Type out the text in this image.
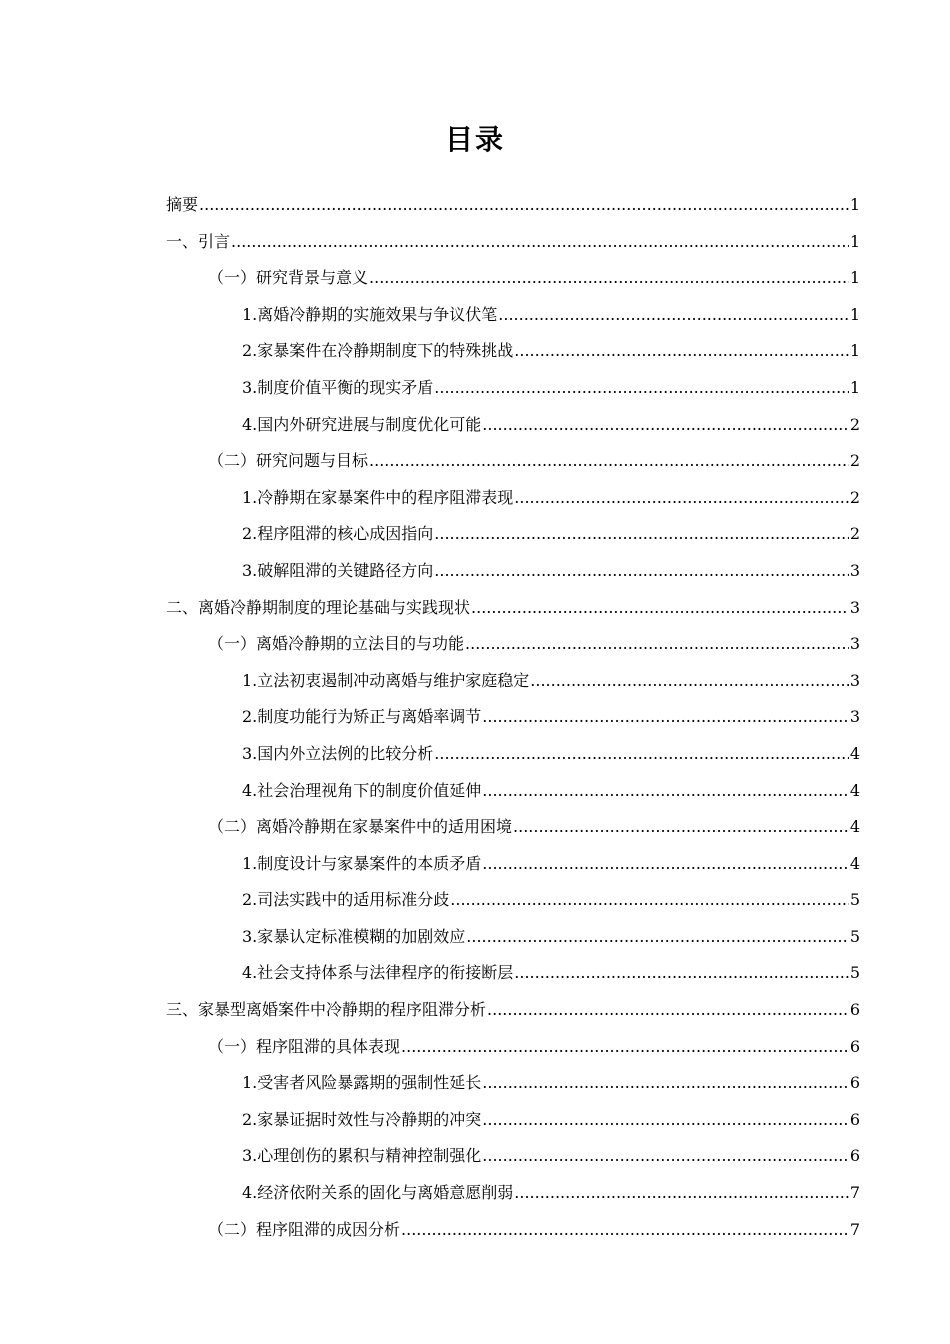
目录
摘要 .....	1
一、引言 .....	1
（一）研究背景与意义 .....	1
1.离婚冷静期的实施效果与争议伏笔 .....	1
2.家暴案件在冷静期制度下的特殊挑战 .....	1
3.制度价值平衡的现实矛盾 .....	1
4.国内外研究进展与制度优化可能 .....	2
（二）研究问题与目标 .....	2
1.冷静期在家暴案件中的程序阻滞表现 .....	2
2.程序阻滞的核心成因指向 .....	2
3.破解阻滞的关键路径方向 .....	3
二、离婚冷静期制度的理论基础与实践现状 .....	3
（一）离婚冷静期的立法目的与功能 .....	3
1.立法初衷遏制冲动离婚与维护家庭稳定 .....	3
2.制度功能行为矫正与离婚率调节 .....	3
3.国内外立法例的比较分析 .....	4
4.社会治理视角下的制度价值延伸 .....	4
（二）离婚冷静期在家暴案件中的适用困境 .....	4
1.制度设计与家暴案件的本质矛盾 .....	4
2.司法实践中的适用标准分歧 .....	5
3.家暴认定标准模糊的加剧效应 .....	5
4.社会支持体系与法律程序的衔接断层 .....	5
三、家暴型离婚案件中冷静期的程序阻滞分析 .....	6
（一）程序阻滞的具体表现 .....	6
1.受害者风险暴露期的强制性延长 .....	6
2.家暴证据时效性与冷静期的冲突 .....	6
3.心理创伤的累积与精神控制强化 .....	6
4.经济依附关系的固化与离婚意愿削弱 .....	7
（二）程序阻滞的成因分析 .....	7
